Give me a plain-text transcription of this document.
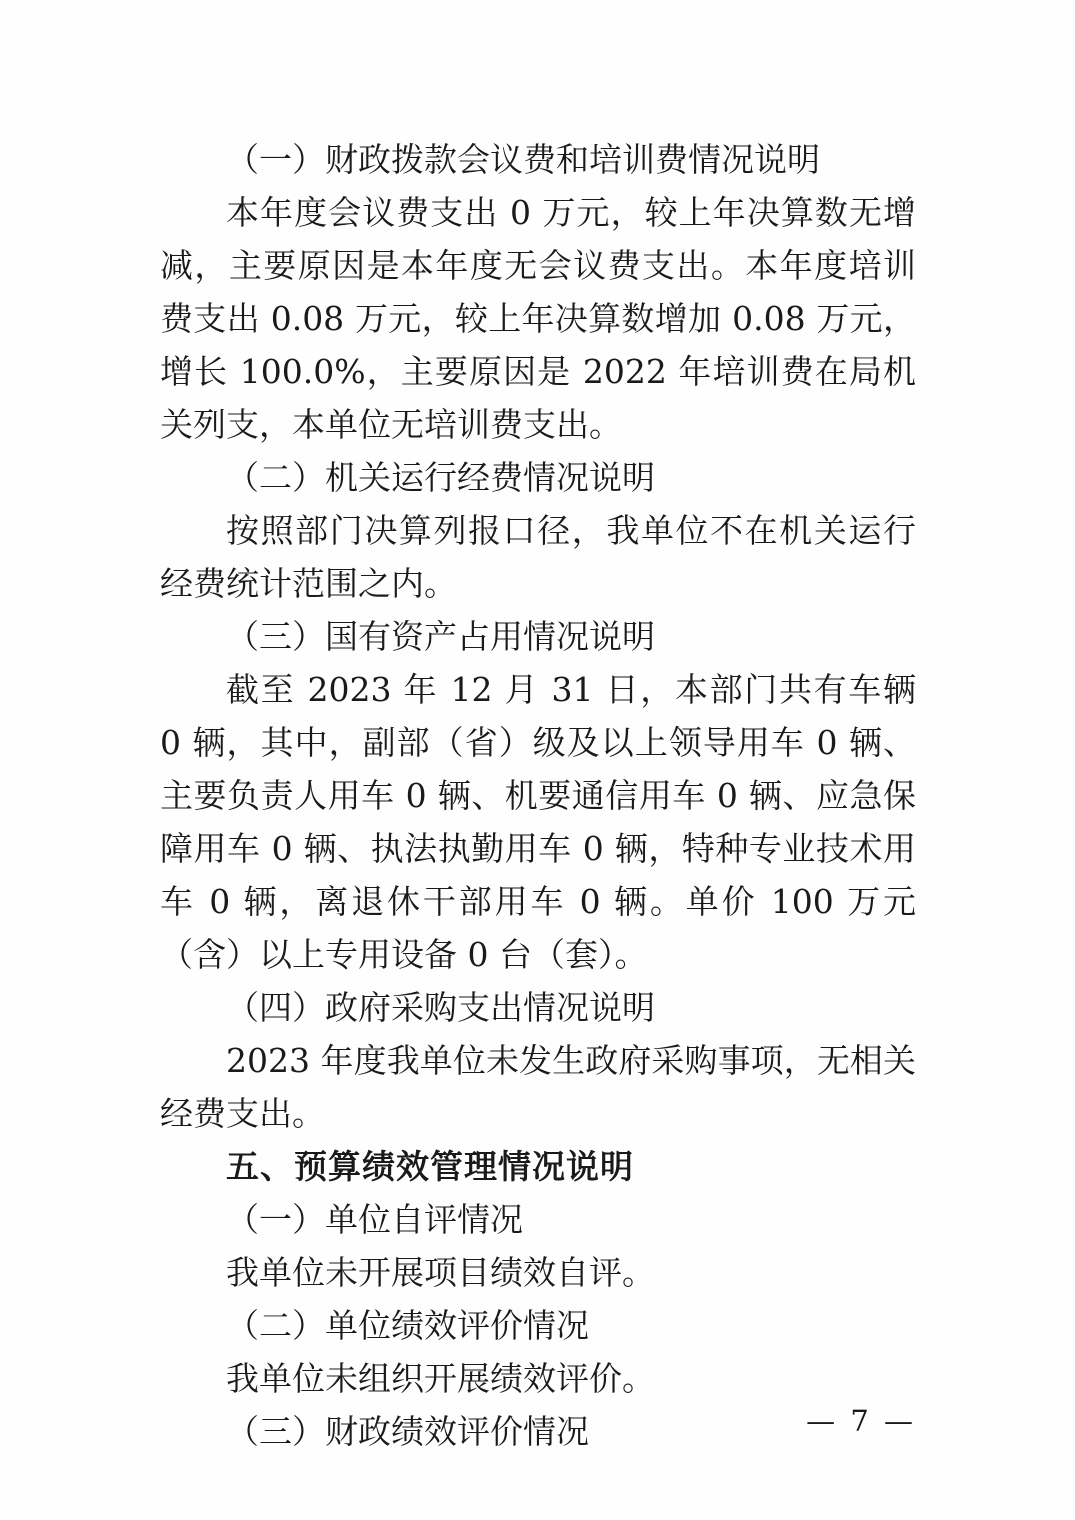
（一）财政拨款会议费和培训费情况说明

本年度会议费支出 0 万元，较上年决算数无增减，主要原因是本年度无会议费支出。本年度培训费支出 0.08 万元，较上年决算数增加 0.08 万元，增长 100.0%，主要原因是 2022 年培训费在局机关列支，本单位无培训费支出。

（二）机关运行经费情况说明

按照部门决算列报口径，我单位不在机关运行经费统计范围之内。

（三）国有资产占用情况说明

截至 2023 年 12 月 31 日，本部门共有车辆 0 辆，其中，副部（省）级及以上领导用车 0 辆、主要负责人用车 0 辆、机要通信用车 0 辆、应急保障用车 0 辆、执法执勤用车 0 辆，特种专业技术用车 0 辆，离退休干部用车 0 辆。单价 100 万元（含）以上专用设备 0 台（套）。

（四）政府采购支出情况说明

2023 年度我单位未发生政府采购事项，无相关经费支出。

五、预算绩效管理情况说明

（一）单位自评情况

我单位未开展项目绩效自评。

（二）单位绩效评价情况

我单位未组织开展绩效评价。

（三）财政绩效评价情况	— 7 —
